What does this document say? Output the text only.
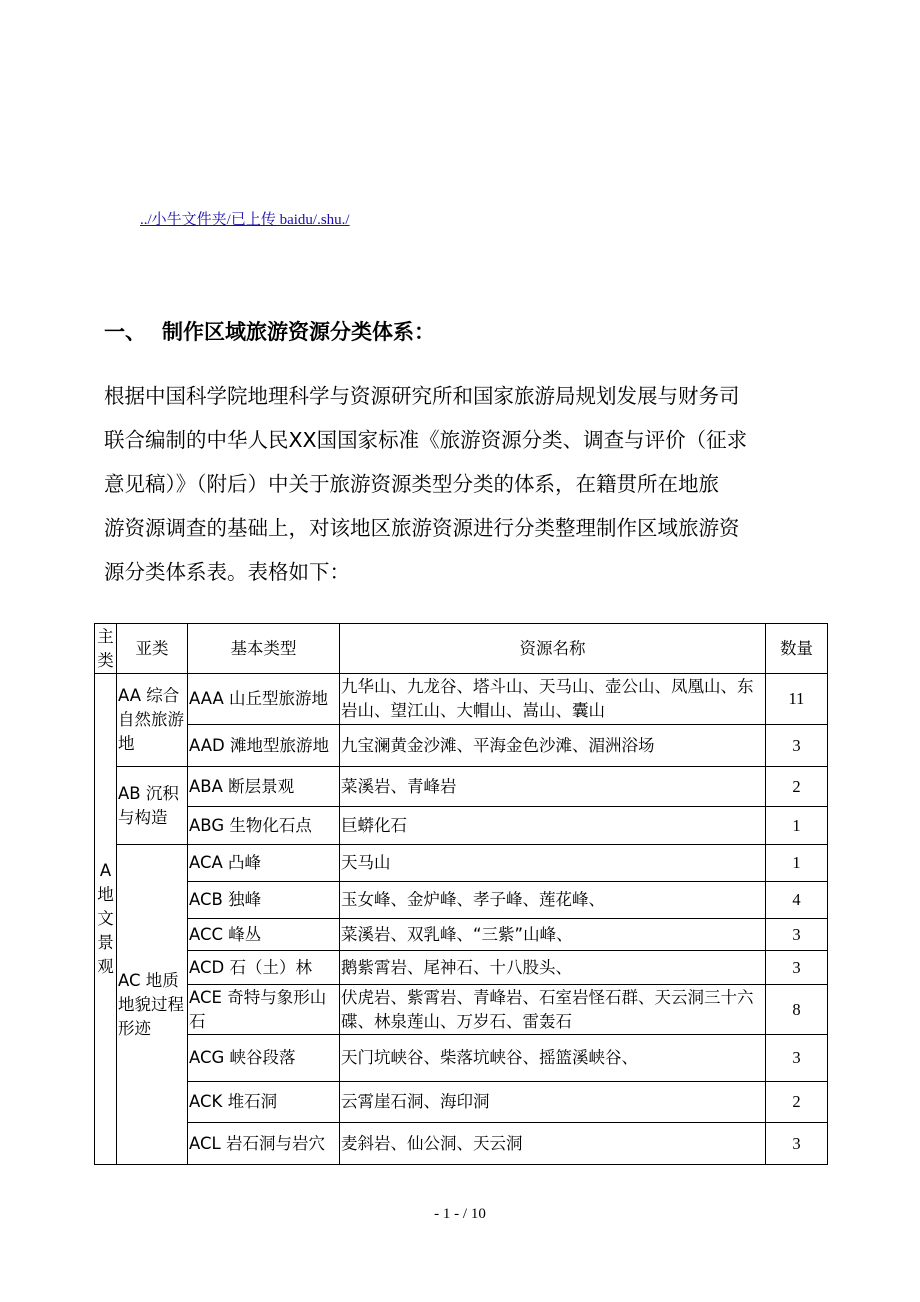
../小牛文件夹/已上传 baidu/.shu./
一、 制作区域旅游资源分类体系：
根据中国科学院地理科学与资源研究所和国家旅游局规划发展与财务司
联合编制的中华人民XX国国家标准《旅游资源分类、调查与评价（征求
意见稿）》（附后）中关于旅游资源类型分类的体系，在籍贯所在地旅
游资源调查的基础上，对该地区旅游资源进行分类整理制作区域旅游资
源分类体系表。表格如下：
主类	亚类	基本类型	资源名称	数量
A地文景观	AA 综合自然旅游地	AAA 山丘型旅游地	九华山、九龙谷、塔斗山、天马山、壶公山、凤凰山、东岩山、望江山、大帽山、嵩山、囊山	11
		AAD 滩地型旅游地	九宝澜黄金沙滩、平海金色沙滩、湄洲浴场	3
	AB 沉积与构造	ABA 断层景观	菜溪岩、青峰岩	2
		ABG 生物化石点	巨蟒化石	1
	AC 地质地貌过程形迹	ACA 凸峰	天马山	1
		ACB 独峰	玉女峰、金炉峰、孝子峰、莲花峰、	4
		ACC 峰丛	菜溪岩、双乳峰、“三紫”山峰、	3
		ACD 石（土）林	鹅紫霄岩、尾神石、十八股头、	3
		ACE 奇特与象形山石	伏虎岩、紫霄岩、青峰岩、石室岩怪石群、天云洞三十六碟、林泉莲山、万岁石、雷轰石	8
		ACG 峡谷段落	天门坑峡谷、柴落坑峡谷、摇篮溪峡谷、	3
		ACK 堆石洞	云霄崖石洞、海印洞	2
		ACL 岩石洞与岩穴	麦斜岩、仙公洞、天云洞	3
- 1 - / 10
